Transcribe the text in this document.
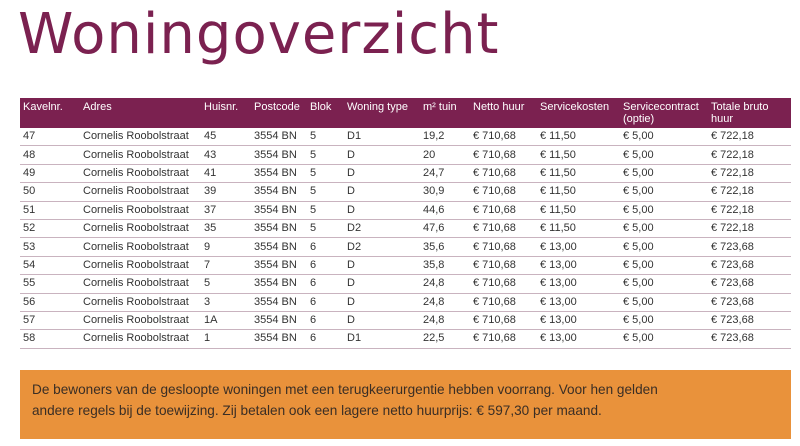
Woningoverzicht
Kavelnr.	Adres	Huisnr.	Postcode	Blok	Woning type	m² tuin	Netto huur	Servicekosten	Servicecontract (optie)	Totale bruto huur
47	Cornelis Roobolstraat	45	3554 BN	5	D1	19,2	€ 710,68	€ 11,50	€ 5,00	€ 722,18
48	Cornelis Roobolstraat	43	3554 BN	5	D	20	€ 710,68	€ 11,50	€ 5,00	€ 722,18
49	Cornelis Roobolstraat	41	3554 BN	5	D	24,7	€ 710,68	€ 11,50	€ 5,00	€ 722,18
50	Cornelis Roobolstraat	39	3554 BN	5	D	30,9	€ 710,68	€ 11,50	€ 5,00	€ 722,18
51	Cornelis Roobolstraat	37	3554 BN	5	D	44,6	€ 710,68	€ 11,50	€ 5,00	€ 722,18
52	Cornelis Roobolstraat	35	3554 BN	5	D2	47,6	€ 710,68	€ 11,50	€ 5,00	€ 722,18
53	Cornelis Roobolstraat	9	3554 BN	6	D2	35,6	€ 710,68	€ 13,00	€ 5,00	€ 723,68
54	Cornelis Roobolstraat	7	3554 BN	6	D	35,8	€ 710,68	€ 13,00	€ 5,00	€ 723,68
55	Cornelis Roobolstraat	5	3554 BN	6	D	24,8	€ 710,68	€ 13,00	€ 5,00	€ 723,68
56	Cornelis Roobolstraat	3	3554 BN	6	D	24,8	€ 710,68	€ 13,00	€ 5,00	€ 723,68
57	Cornelis Roobolstraat	1A	3554 BN	6	D	24,8	€ 710,68	€ 13,00	€ 5,00	€ 723,68
58	Cornelis Roobolstraat	1	3554 BN	6	D1	22,5	€ 710,68	€ 13,00	€ 5,00	€ 723,68

De bewoners van de gesloopte woningen met een terugkeerurgentie hebben voorrang. Voor hen gelden

andere regels bij de toewijzing. Zij betalen ook een lagere netto huurprijs: € 597,30 per maand.
